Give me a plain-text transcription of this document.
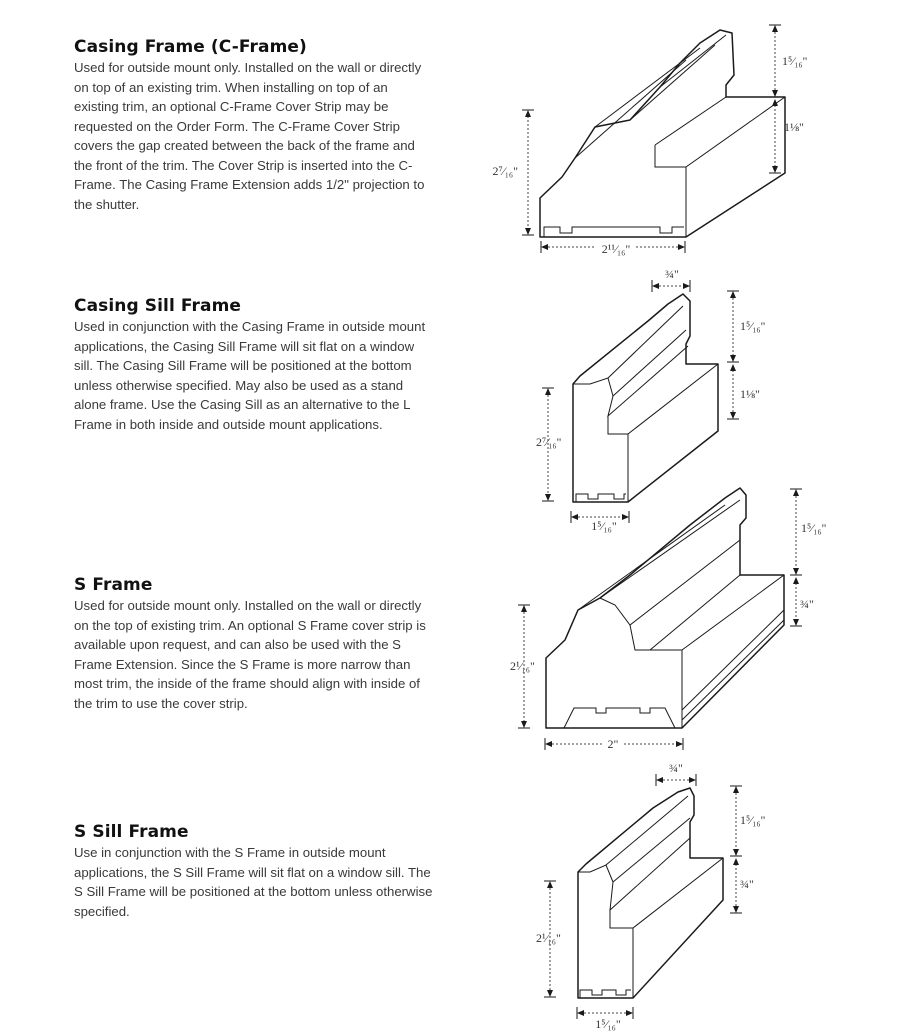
Casing Frame (C-Frame)

Used for outside mount only. Installed on the wall or directly on top of an existing trim. When installing on top of an existing trim, an optional C-Frame Cover Strip may be requested on the Order Form. The C-Frame Cover Strip covers the gap created between the back of the frame and the front of the trim. The Cover Strip is inserted into the C-Frame. The Casing Frame Extension adds 1/2" projection to the shutter.

2⁷⁄₁₆"
2¹¹⁄₁₆"
1⁵⁄₁₆"
1⅛"
Casing Sill Frame

Used in conjunction with the Casing Frame in outside mount applications, the Casing Sill Frame will sit flat on a window sill. The Casing Sill Frame will be positioned at the bottom unless otherwise specified. May also be used as a stand alone frame. Use the Casing Sill as an alternative to the L Frame in both inside and outside mount applications.

¾"
2⁷⁄₁₆"
1⁵⁄₁₆"
1⁵⁄₁₆"
1⅛"
S Frame

Used for outside mount only. Installed on the wall or directly on the top of existing trim. An optional S Frame cover strip is available upon request, and can also be used with the S Frame Extension. Since the S Frame is more narrow than most trim, the inside of the frame should align with inside of the trim to use the cover strip.

2¹⁄₁₆"
2"
1⁵⁄₁₆"
¾"
S Sill Frame

Use in conjunction with the S Frame in outside mount applications, the S Sill Frame will sit flat on a window sill. The S Sill Frame will be positioned at the bottom unless otherwise specified.

¾"
2¹⁄₁₆"
1⁵⁄₁₆"
1⁵⁄₁₆"
¾"
